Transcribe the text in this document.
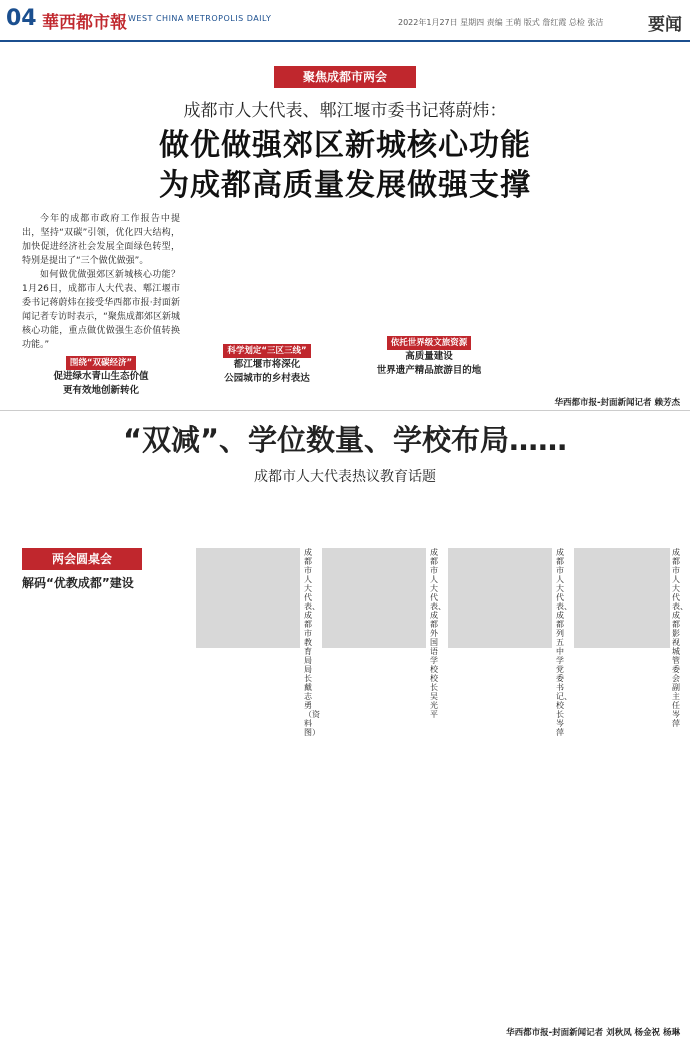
04 華西都市報 WEST CHINA METROPOLIS DAILY	2022年1月27日 星期四 责编 王萌 版式 詹红霞 总检 张洁	要闻
聚焦成都市两会
成都市人大代表、郫江堰市委书记蒋蔚炜：
做优做强郊区新城核心功能
为成都高质量发展做强支撑

今年的成都市政府工作报告中提出，坚持“双碳”引领，优化四大结构，加快促进经济社会发展全面绿色转型，特别是提出了“三个做优做强”。

如何做优做强郊区新城核心功能？1月26日，成都市人大代表、郫江堰市委书记蒋蔚炜在接受华西都市报·封面新闻记者专访时表示，“聚焦成都郊区新城核心功能，重点做优做强生态价值转换功能。”

围绕“双碳经济”
促进绿水青山生态价值
更有效地创新转化
科学划定“三区三线”
都江堰市将深化
公园城市的乡村表达
依托世界级文旅资源
高质量建设
世界遗产精品旅游目的地
华西都市报-封面新闻记者 赖芳杰
“双减”、学位数量、学校布局……
成都市人大代表热议教育话题
两会圆桌会
解码“优教成都”建设
成都市人大代表、成都市教育局局长 戴志勇（资料图）
成都市人大代表、成都外国语学校校长 吴光平
成都市人大代表、成都列五中学党委书记、校长 岑萍
成都市人大代表、成都影视城管委会副主任 岑萍
华西都市报-封面新闻记者 刘秋凤 杨金祝 杨琳
